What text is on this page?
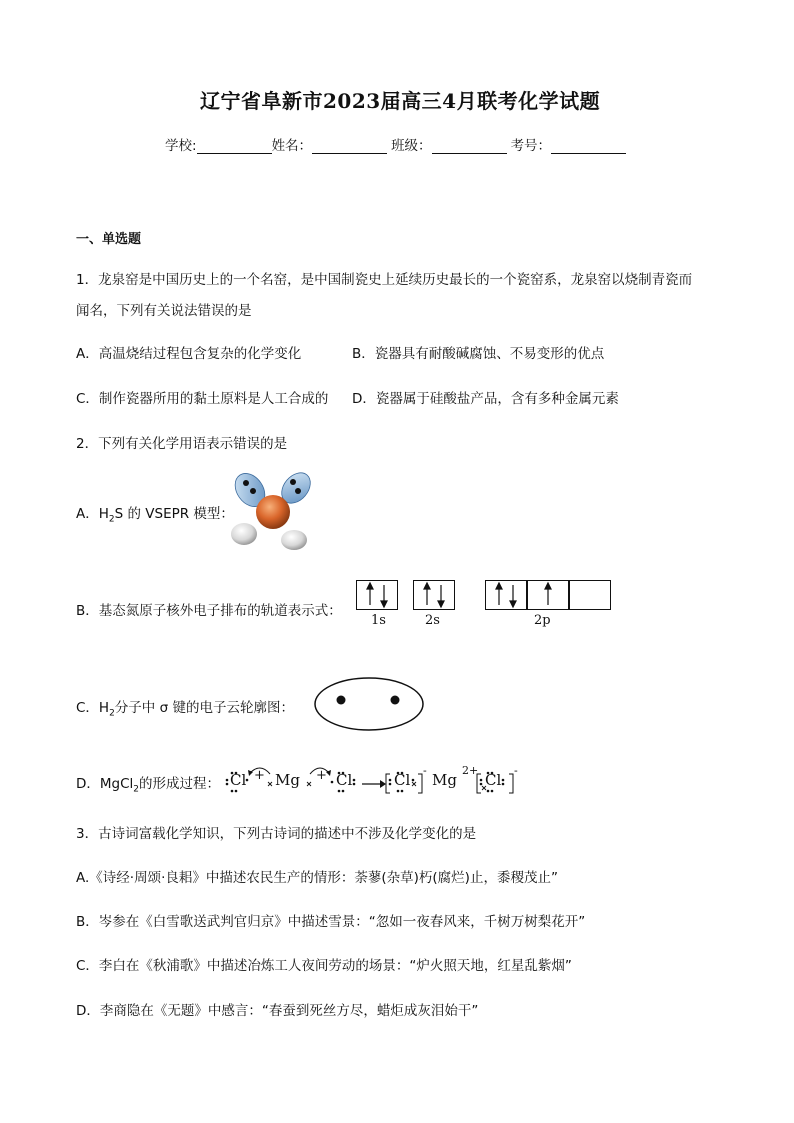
辽宁省阜新市2023届高三4月联考化学试题
学校:	姓名：	班级：	考号：
一、单选题
1．龙泉窑是中国历史上的一个名窑，是中国制瓷史上延续历史最长的一个瓷窑系，龙泉窑以烧制青瓷而
闻名，下列有关说法错误的是
A．高温烧结过程包含复杂的化学变化	B．瓷器具有耐酸碱腐蚀、不易变形的优点
C．制作瓷器所用的黏土原料是人工合成的 D．瓷器属于硅酸盐产品，含有多种金属元素
2．下列有关化学用语表示错误的是
A．$H_2S$ 的 VSEPR 模型：
B．基态氮原子核外电子排布的轨道表示式：
1s	2s	2p
C．$H_2$分子中 σ 键的电子云轮廓图：
D．MgCl$_2$的形成过程： Cl + Mg + Cl	Cl
-
Mg
2+
Cl
-
3．古诗词富载化学知识，下列古诗词的描述中不涉及化学变化的是
A.《诗经·周颂·良耜》中描述农民生产的情形：荼蓼(杂草)朽(腐烂)止，黍稷茂止”
B．岑参在《白雪歌送武判官归京》中描述雪景：“忽如一夜春风来，千树万树梨花开”
C．李白在《秋浦歌》中描述冶炼工人夜间劳动的场景：“炉火照天地，红星乱紫烟”
D．李商隐在《无题》中感言：“春蚕到死丝方尽，蜡炬成灰泪始干”
